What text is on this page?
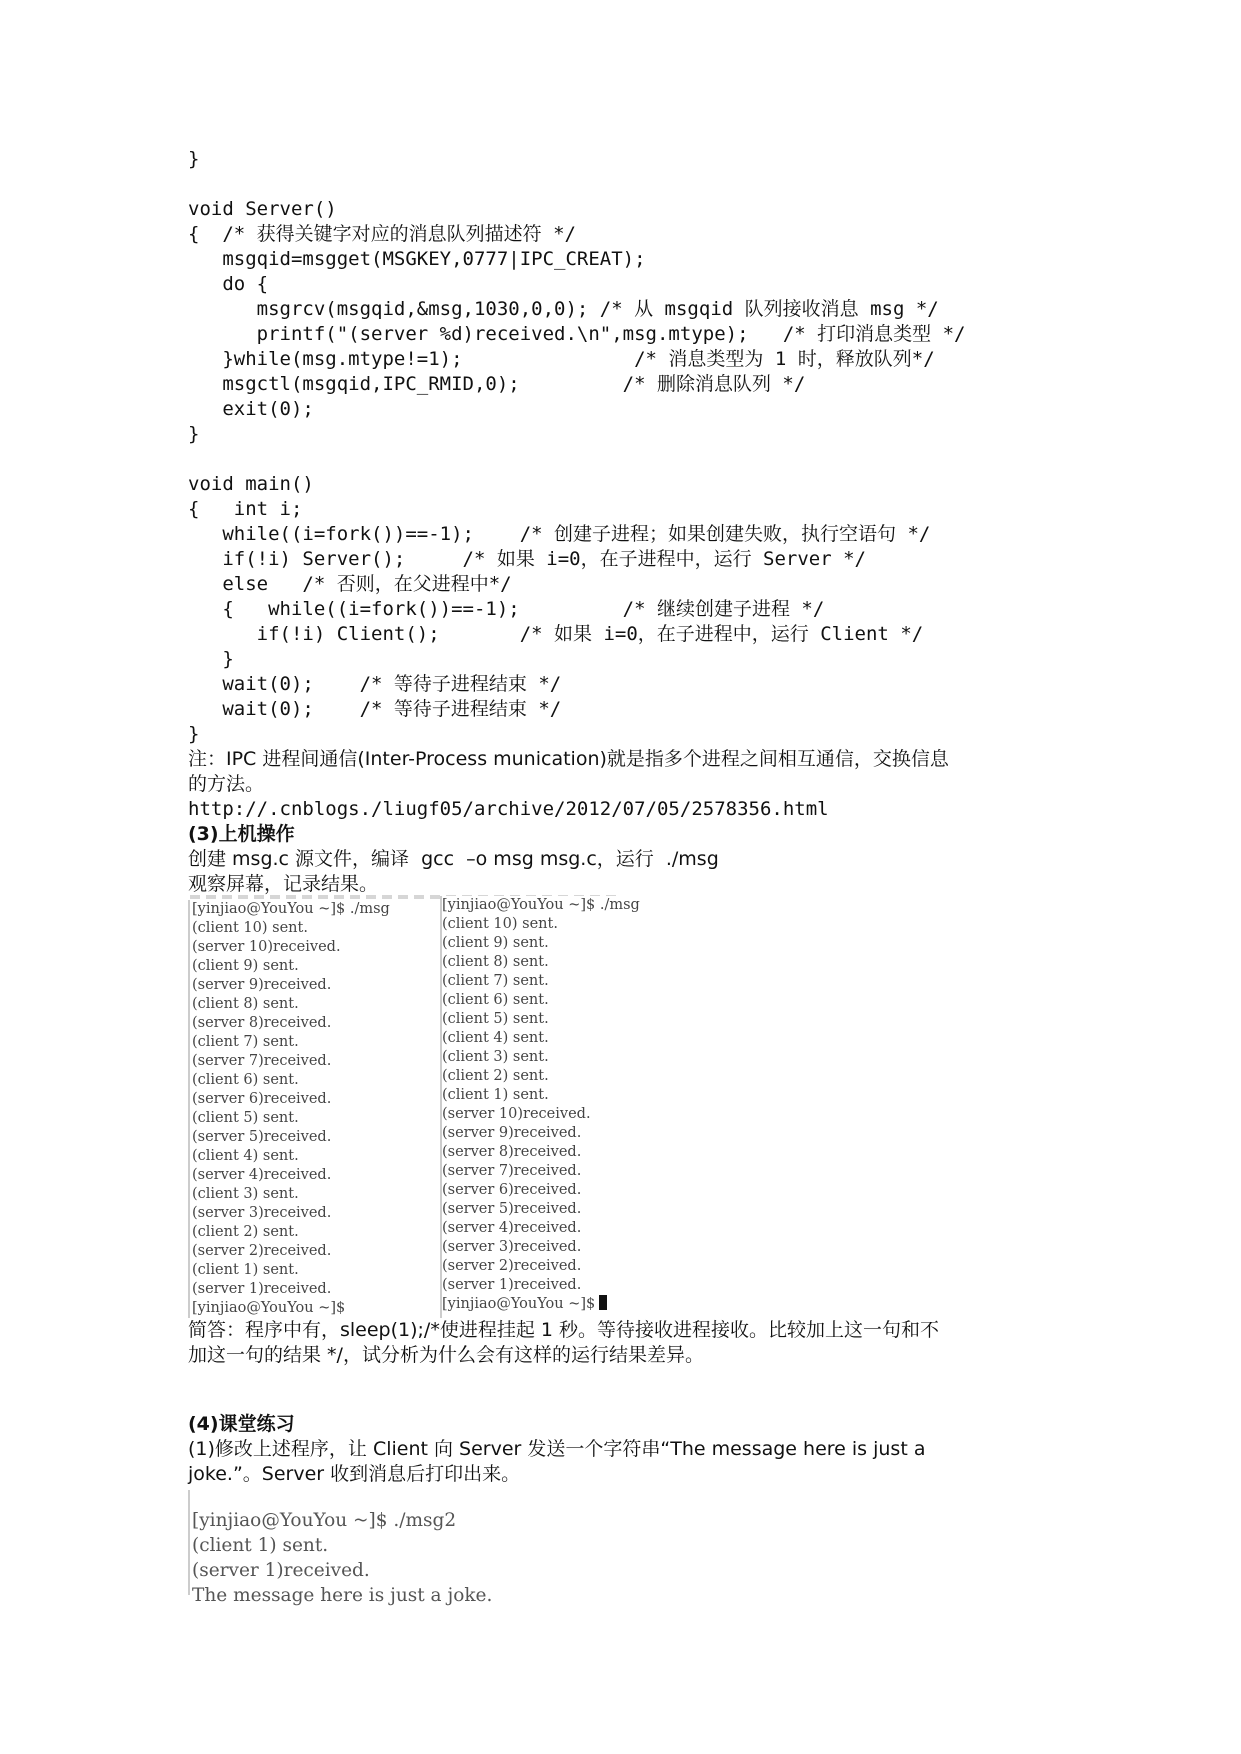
}
void Server()
{  /* 获得关键字对应的消息队列描述符 */
msgqid=msgget(MSGKEY,0777|IPC_CREAT);
do {
msgrcv(msgqid,&msg,1030,0,0); /* 从 msgqid 队列接收消息 msg */
printf("(server %d)received.\n",msg.mtype);   /* 打印消息类型 */
}while(msg.mtype!=1);               /* 消息类型为 1 时，释放队列*/
msgctl(msgqid,IPC_RMID,0);         /* 删除消息队列 */
exit(0);
}
void main()
{   int i;
while((i=fork())==-1);    /* 创建子进程；如果创建失败，执行空语句 */
if(!i) Server();     /* 如果 i=0，在子进程中，运行 Server */
else   /* 否则，在父进程中*/
{   while((i=fork())==-1);         /* 继续创建子进程 */
if(!i) Client();       /* 如果 i=0，在子进程中，运行 Client */
}
wait(0);    /* 等待子进程结束 */
wait(0);    /* 等待子进程结束 */
}
注：IPC 进程间通信(Inter-Process munication)就是指多个进程之间相互通信，交换信息
的方法。
http://.cnblogs./liugf05/archive/2012/07/05/2578356.html
(3)上机操作
创建 msg.c 源文件，编译  gcc  –o msg msg.c，运行  ./msg
观察屏幕，记录结果。
[yinjiao@YouYou ~]$ ./msg
(client 10) sent.
(server 10)received.
(client 9) sent.
(server 9)received.
(client 8) sent.
(server 8)received.
(client 7) sent.
(server 7)received.
(client 6) sent.
(server 6)received.
(client 5) sent.
(server 5)received.
(client 4) sent.
(server 4)received.
(client 3) sent.
(server 3)received.
(client 2) sent.
(server 2)received.
(client 1) sent.
(server 1)received.
[yinjiao@YouYou ~]$
[yinjiao@YouYou ~]$ ./msg
(client 10) sent.
(client 9) sent.
(client 8) sent.
(client 7) sent.
(client 6) sent.
(client 5) sent.
(client 4) sent.
(client 3) sent.
(client 2) sent.
(client 1) sent.
(server 10)received.
(server 9)received.
(server 8)received.
(server 7)received.
(server 6)received.
(server 5)received.
(server 4)received.
(server 3)received.
(server 2)received.
(server 1)received.
[yinjiao@YouYou ~]$
简答：程序中有，sleep(1);/*使进程挂起 1 秒。等待接收进程接收。比较加上这一句和不
加这一句的结果 */，试分析为什么会有这样的运行结果差异。
(4)课堂练习
(1)修改上述程序，让 Client 向 Server 发送一个字符串“The message here is just a
joke.”。Server 收到消息后打印出来。
[yinjiao@YouYou ~]$ ./msg2
(client 1) sent.
(server 1)received.
The message here is just a joke.
